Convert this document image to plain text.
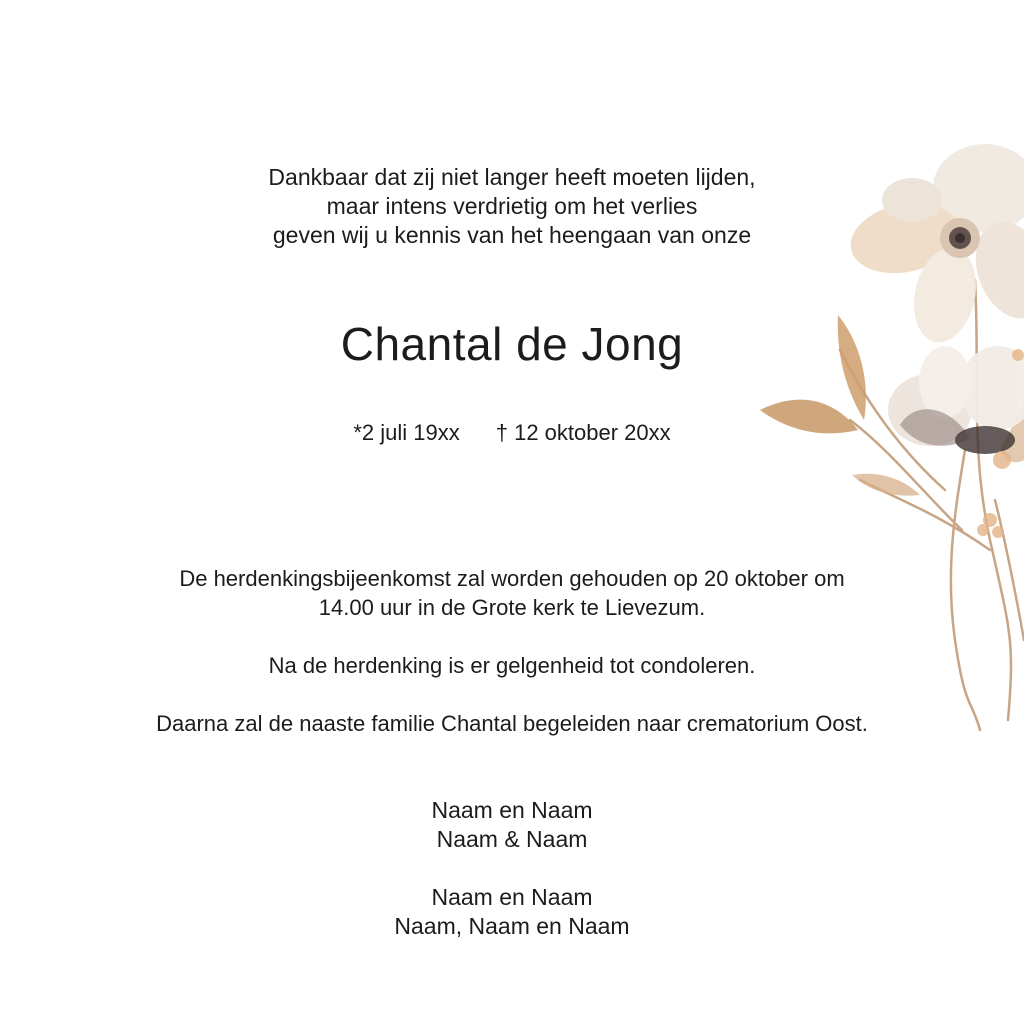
Dankbaar dat zij niet langer heeft moeten lijden,
maar intens verdrietig om het verlies
geven wij u kennis van het heengaan van onze
Chantal de Jong
*2 juli 19xx † 12 oktober 20xx
De herdenkingsbijeenkomst zal worden gehouden op 20 oktober om
14.00 uur in de Grote kerk te Lievezum.
Na de herdenking is er gelgenheid tot condoleren.
Daarna zal de naaste familie Chantal begeleiden naar crematorium Oost.
Naam en Naam
Naam & Naam
Naam en Naam
Naam, Naam en Naam
